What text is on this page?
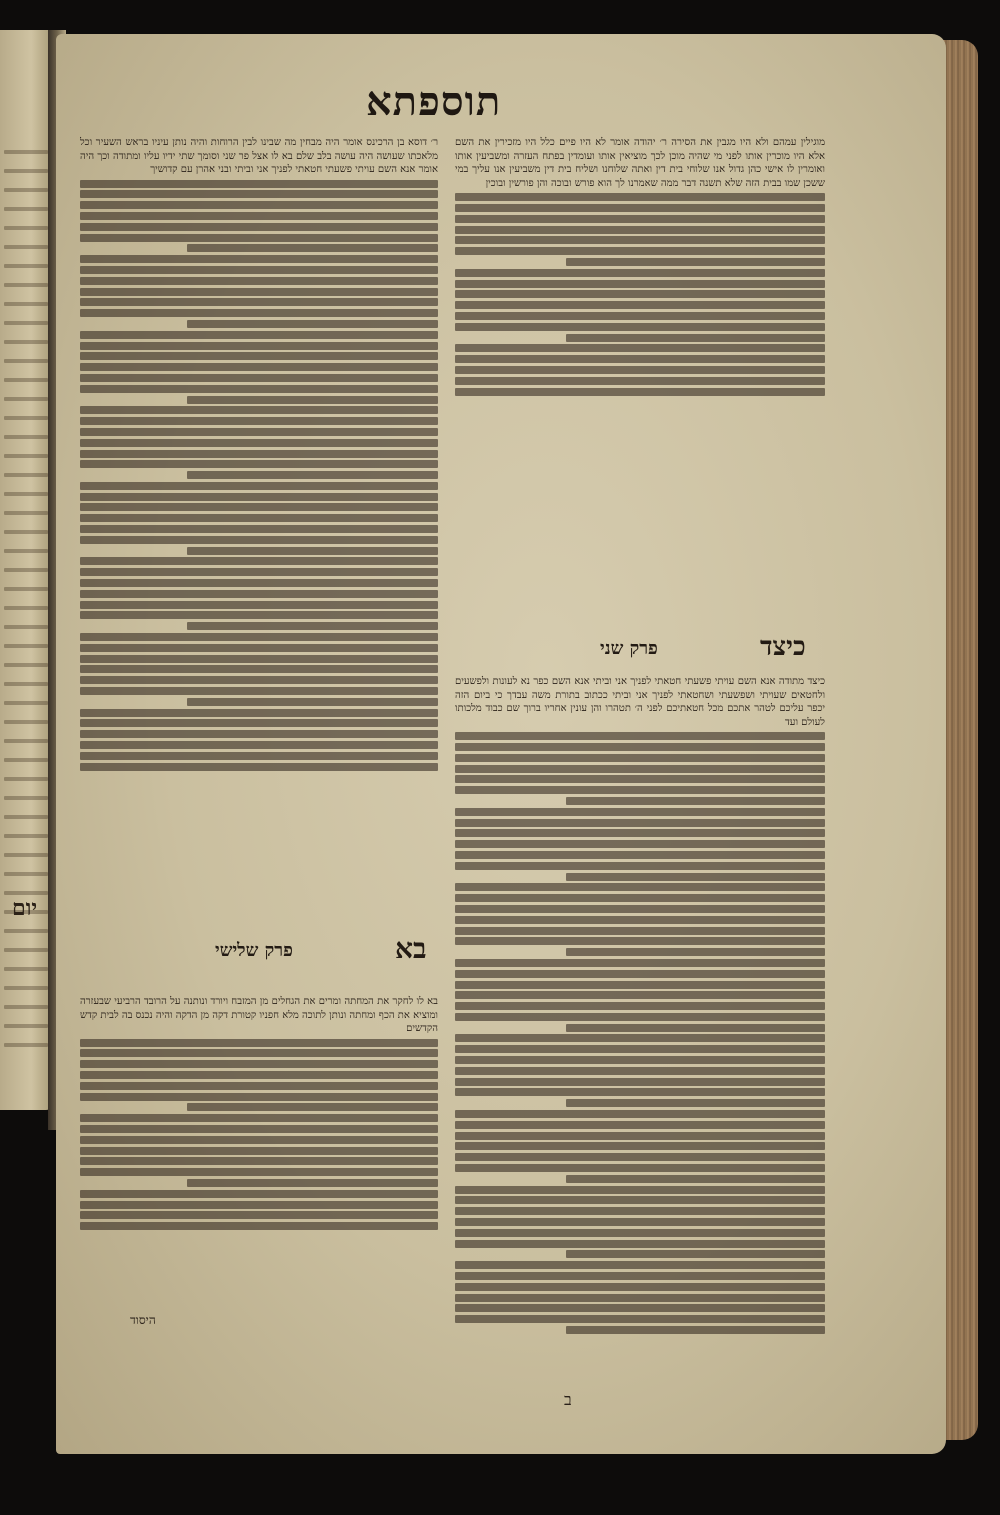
יום
תוספתא

מוגילין עמהם ולא היו מגבין את הסירה ר׳ יהודה אומר לא היו פיים כלל היו מזכירין את השם אלא היו מוכרין אותו לפני מי שהיה מוכן לכך מוציאין אותו ועומדין בפתח העזרה ומשביעין אותו ואומרין לו אישי כהן גדול אנו שלוחי בית דין ואתה שלוחנו ושליח בית דין משביעין אנו עליך במי ששכן שמו בבית הזה שלא תשנה דבר ממה שאמרנו לך הוא פורש ובוכה והן פורשין ובוכין

כיצד
פרק שני

כיצד מתודה אנא השם עויתי פשעתי חטאתי לפניך אני וביתי אנא השם כפר נא לעונות ולפשעים ולחטאים שעויתי ושפשעתי ושחטאתי לפניך אני וביתי ככתוב בתורת משה עבדך כי ביום הזה יכפר עליכם לטהר אתכם מכל חטאתיכם לפני ה׳ תטהרו והן עונין אחריו ברוך שם כבוד מלכותו לעולם ועד

ר׳ דוסא בן הרכינס אומר היה מבחין מה שבינו לבין הרוחות והיה נותן עיניו בראש השעיר וכל מלאכתו שעושה היה עושה בלב שלם בא לו אצל פר שני וסומך שתי ידיו עליו ומתודה וכך היה אומר אנא השם עויתי פשעתי חטאתי לפניך אני וביתי ובני אהרן עם קדושיך

בא
פרק שלישי

בא לו לחקר את המחתה ומרים את הגחלים מן המזבח ויורד ונותנה על הרובד הרביעי שבעזרה ומוציא את הכף ומחתה ונותן לתוכה מלא חפניו קטורת דקה מן הדקה והיה נכנס בה לבית קדש הקדשים

היסוד
ב
